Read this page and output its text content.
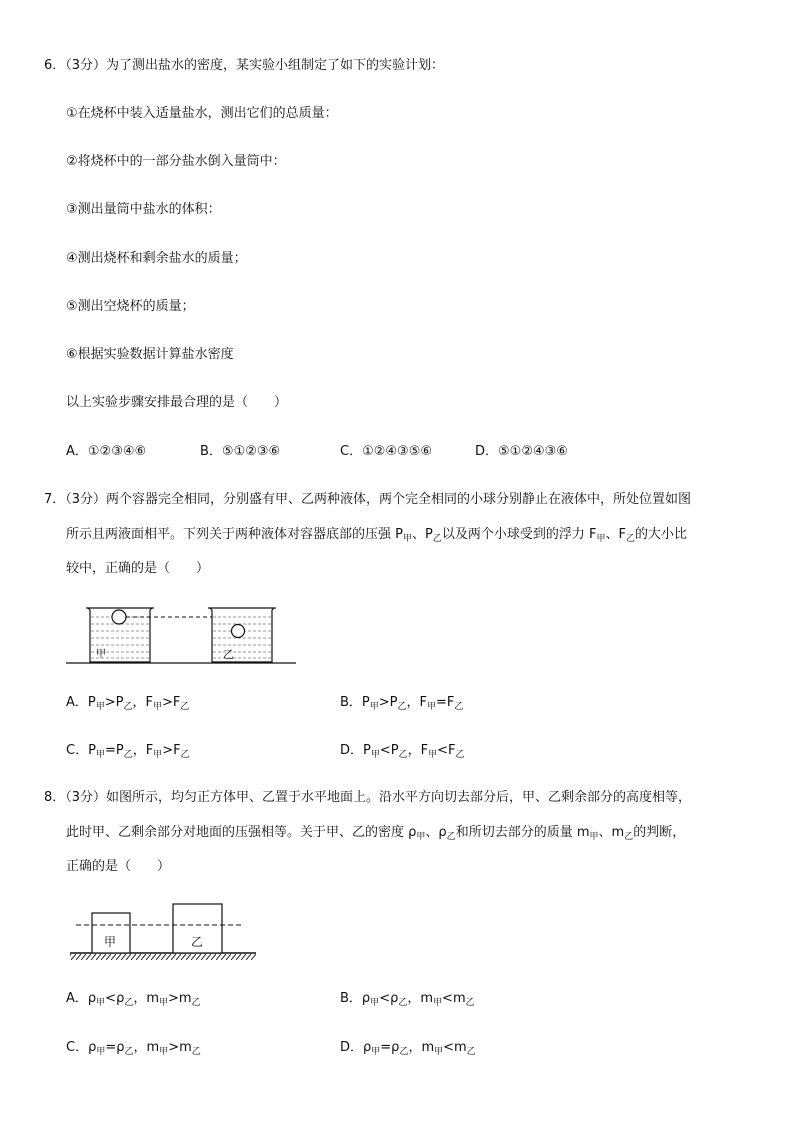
6．（3分）为了测出盐水的密度，某实验小组制定了如下的实验计划：
①在烧杯中装入适量盐水，测出它们的总质量：
②将烧杯中的一部分盐水倒入量筒中：
③测出量筒中盐水的体积：
④测出烧杯和剩余盐水的质量；
⑤测出空烧杯的质量；
⑥根据实验数据计算盐水密度
以上实验步骤安排最合理的是（　　）
A．①②③④⑥	B．⑤①②③⑥	C．①②④③⑤⑥	D．⑤①②④③⑥
7．（3分）两个容器完全相同，分别盛有甲、乙两种液体，两个完全相同的小球分别静止在液体中，所处位置如图
所示且两液面相平。下列关于两种液体对容器底部的压强 $P_甲$、$P_乙$以及两个小球受到的浮力 $F_甲$、$F_乙$的大小比
较中，正确的是（　　）
甲	乙
A．$P_甲>P_乙$，$F_甲>F_乙$	B．$P_甲>P_乙$，$F_甲=F_乙$
C．$P_甲=P_乙$，$F_甲>F_乙$	D．$P_甲<P_乙$，$F_甲<F_乙$
8．（3分）如图所示，均匀正方体甲、乙置于水平地面上。沿水平方向切去部分后，甲、乙剩余部分的高度相等，
此时甲、乙剩余部分对地面的压强相等。关于甲、乙的密度 $\rho_甲$、$\rho_乙$和所切去部分的质量 $m_甲$、$m_乙$的判断，
正确的是（　　）
甲	乙
A．$\rho_甲<\rho_乙$，$m_甲>m_乙$	B．$\rho_甲<\rho_乙$，$m_甲<m_乙$
C．$\rho_甲=\rho_乙$，$m_甲>m_乙$	D．$\rho_甲=\rho_乙$，$m_甲<m_乙$
